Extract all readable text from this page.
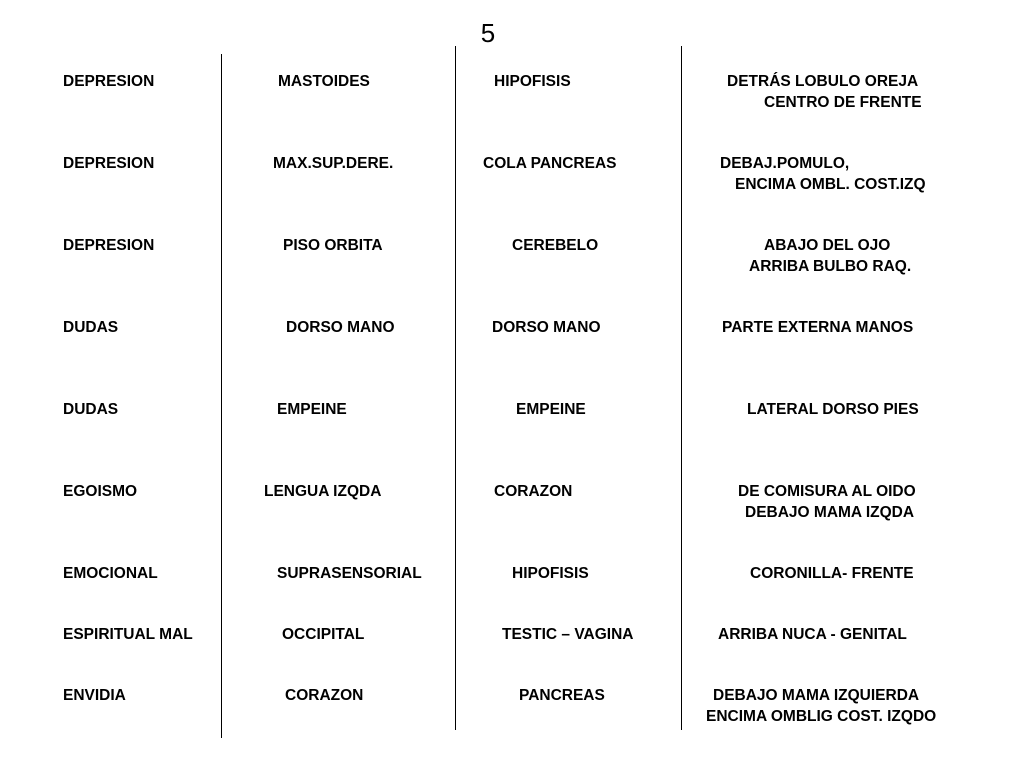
5
DEPRESION	MASTOIDES	HIPOFISIS	DETRÁS LOBULO OREJA
CENTRO DE FRENTE
DEPRESION	MAX.SUP.DERE.	COLA PANCREAS	DEBAJ.POMULO,
ENCIMA OMBL. COST.IZQ
DEPRESION	PISO ORBITA	CEREBELO	ABAJO DEL OJO
ARRIBA BULBO RAQ.
DUDAS	DORSO MANO	DORSO MANO	PARTE EXTERNA MANOS
DUDAS	EMPEINE	EMPEINE	LATERAL DORSO PIES
EGOISMO	LENGUA IZQDA	CORAZON	DE COMISURA AL OIDO
DEBAJO MAMA IZQDA
EMOCIONAL	SUPRASENSORIAL	HIPOFISIS	CORONILLA- FRENTE
ESPIRITUAL MAL	OCCIPITAL	TESTIC – VAGINA	ARRIBA NUCA - GENITAL
ENVIDIA	CORAZON	PANCREAS	DEBAJO MAMA IZQUIERDA
ENCIMA OMBLIG COST. IZQDO
